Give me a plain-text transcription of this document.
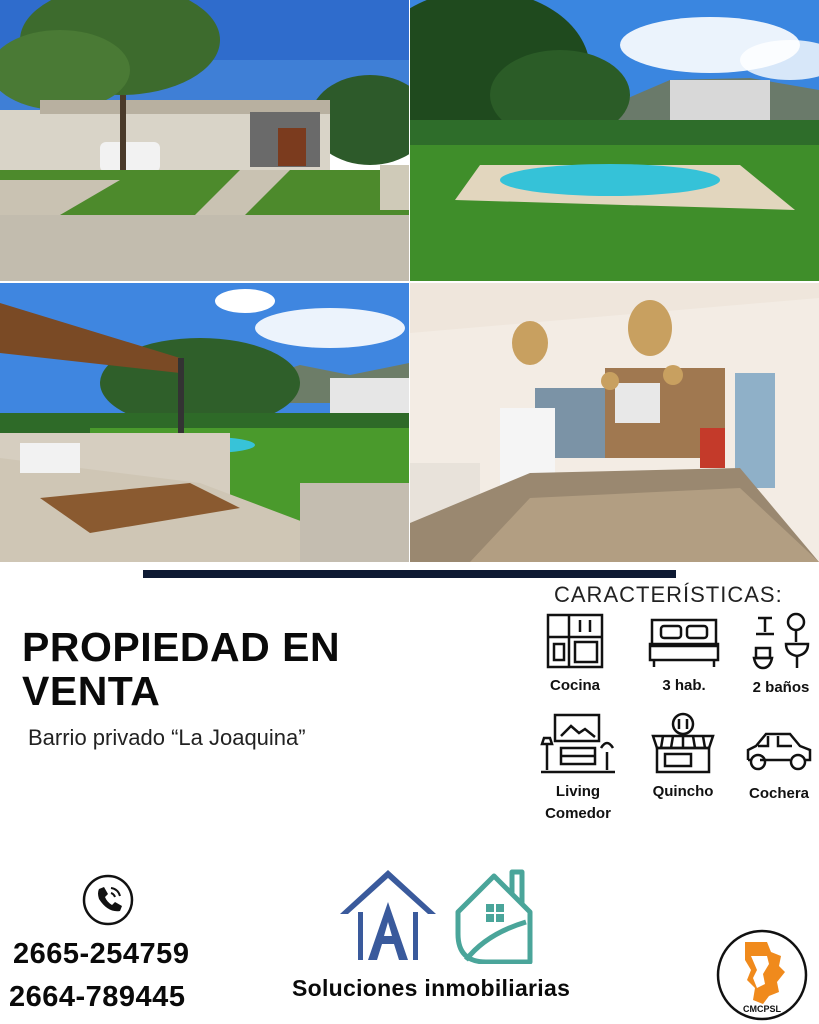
PROPIEDAD EN
VENTA
Barrio privado “La Joaquina”
CARACTERÍSTICAS:
Cocina	3 hab.	2 baños
Living
Comedor
Quincho	Cochera
2665-254759
2664-789445	Soluciones inmobiliarias
CMCPSL
